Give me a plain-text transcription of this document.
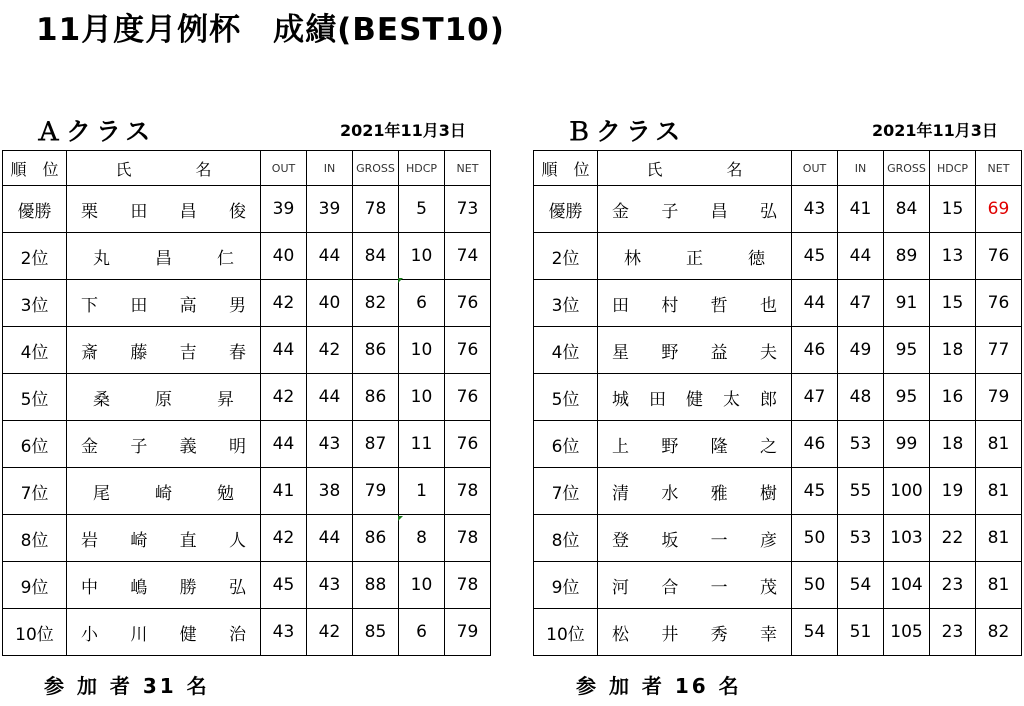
11月度月例杯　成績(BEST10)
Ａクラス	2021年11月3日
順　位	氏　　　　名	OUT	IN	GROSS	HDCP	NET
優勝	栗田昌俊	39	39	78	5	73
2位	丸昌仁	40	44	84	10	74
3位	下田高男	42	40	82	6	76
4位	斎藤吉春	44	42	86	10	76
5位	桑原昇	42	44	86	10	76
6位	金子義明	44	43	87	11	76
7位	尾崎勉	41	38	79	1	78
8位	岩崎直人	42	44	86	8	78
9位	中嶋勝弘	45	43	88	10	78
10位	小川健治	43	42	85	6	79
参 加 者 31 名
Ｂクラス	2021年11月3日
順　位	氏　　　　名	OUT	IN	GROSS	HDCP	NET
優勝	金子昌弘	43	41	84	15	69
2位	林正徳	45	44	89	13	76
3位	田村哲也	44	47	91	15	76
4位	星野益夫	46	49	95	18	77
5位	城田健太郎	47	48	95	16	79
6位	上野隆之	46	53	99	18	81
7位	清水雅樹	45	55	100	19	81
8位	登坂一彦	50	53	103	22	81
9位	河合一茂	50	54	104	23	81
10位	松井秀幸	54	51	105	23	82
参 加 者 16 名
